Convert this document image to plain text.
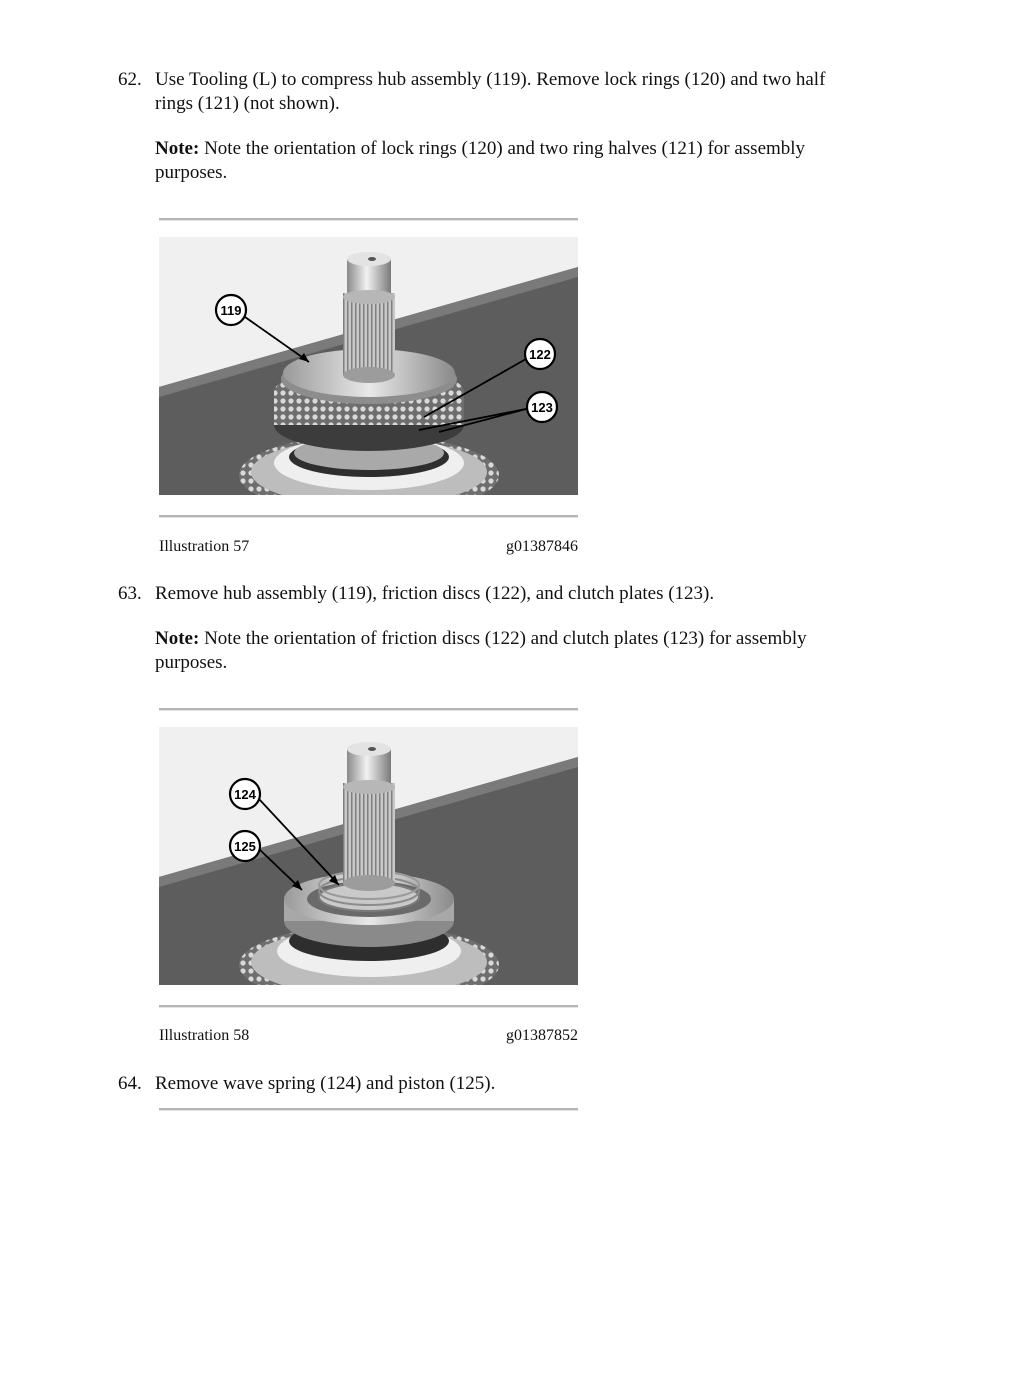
62. Use Tooling (L) to compress hub assembly (119). Remove lock rings (120) and two half
rings (121) (not shown).
Note: Note the orientation of lock rings (120) and two ring halves (121) for assembly
purposes.
119
122
123
Illustration 57	g01387846
63. Remove hub assembly (119), friction discs (122), and clutch plates (123).
Note: Note the orientation of friction discs (122) and clutch plates (123) for assembly
purposes.
124
125
Illustration 58	g01387852
64. Remove wave spring (124) and piston (125).
